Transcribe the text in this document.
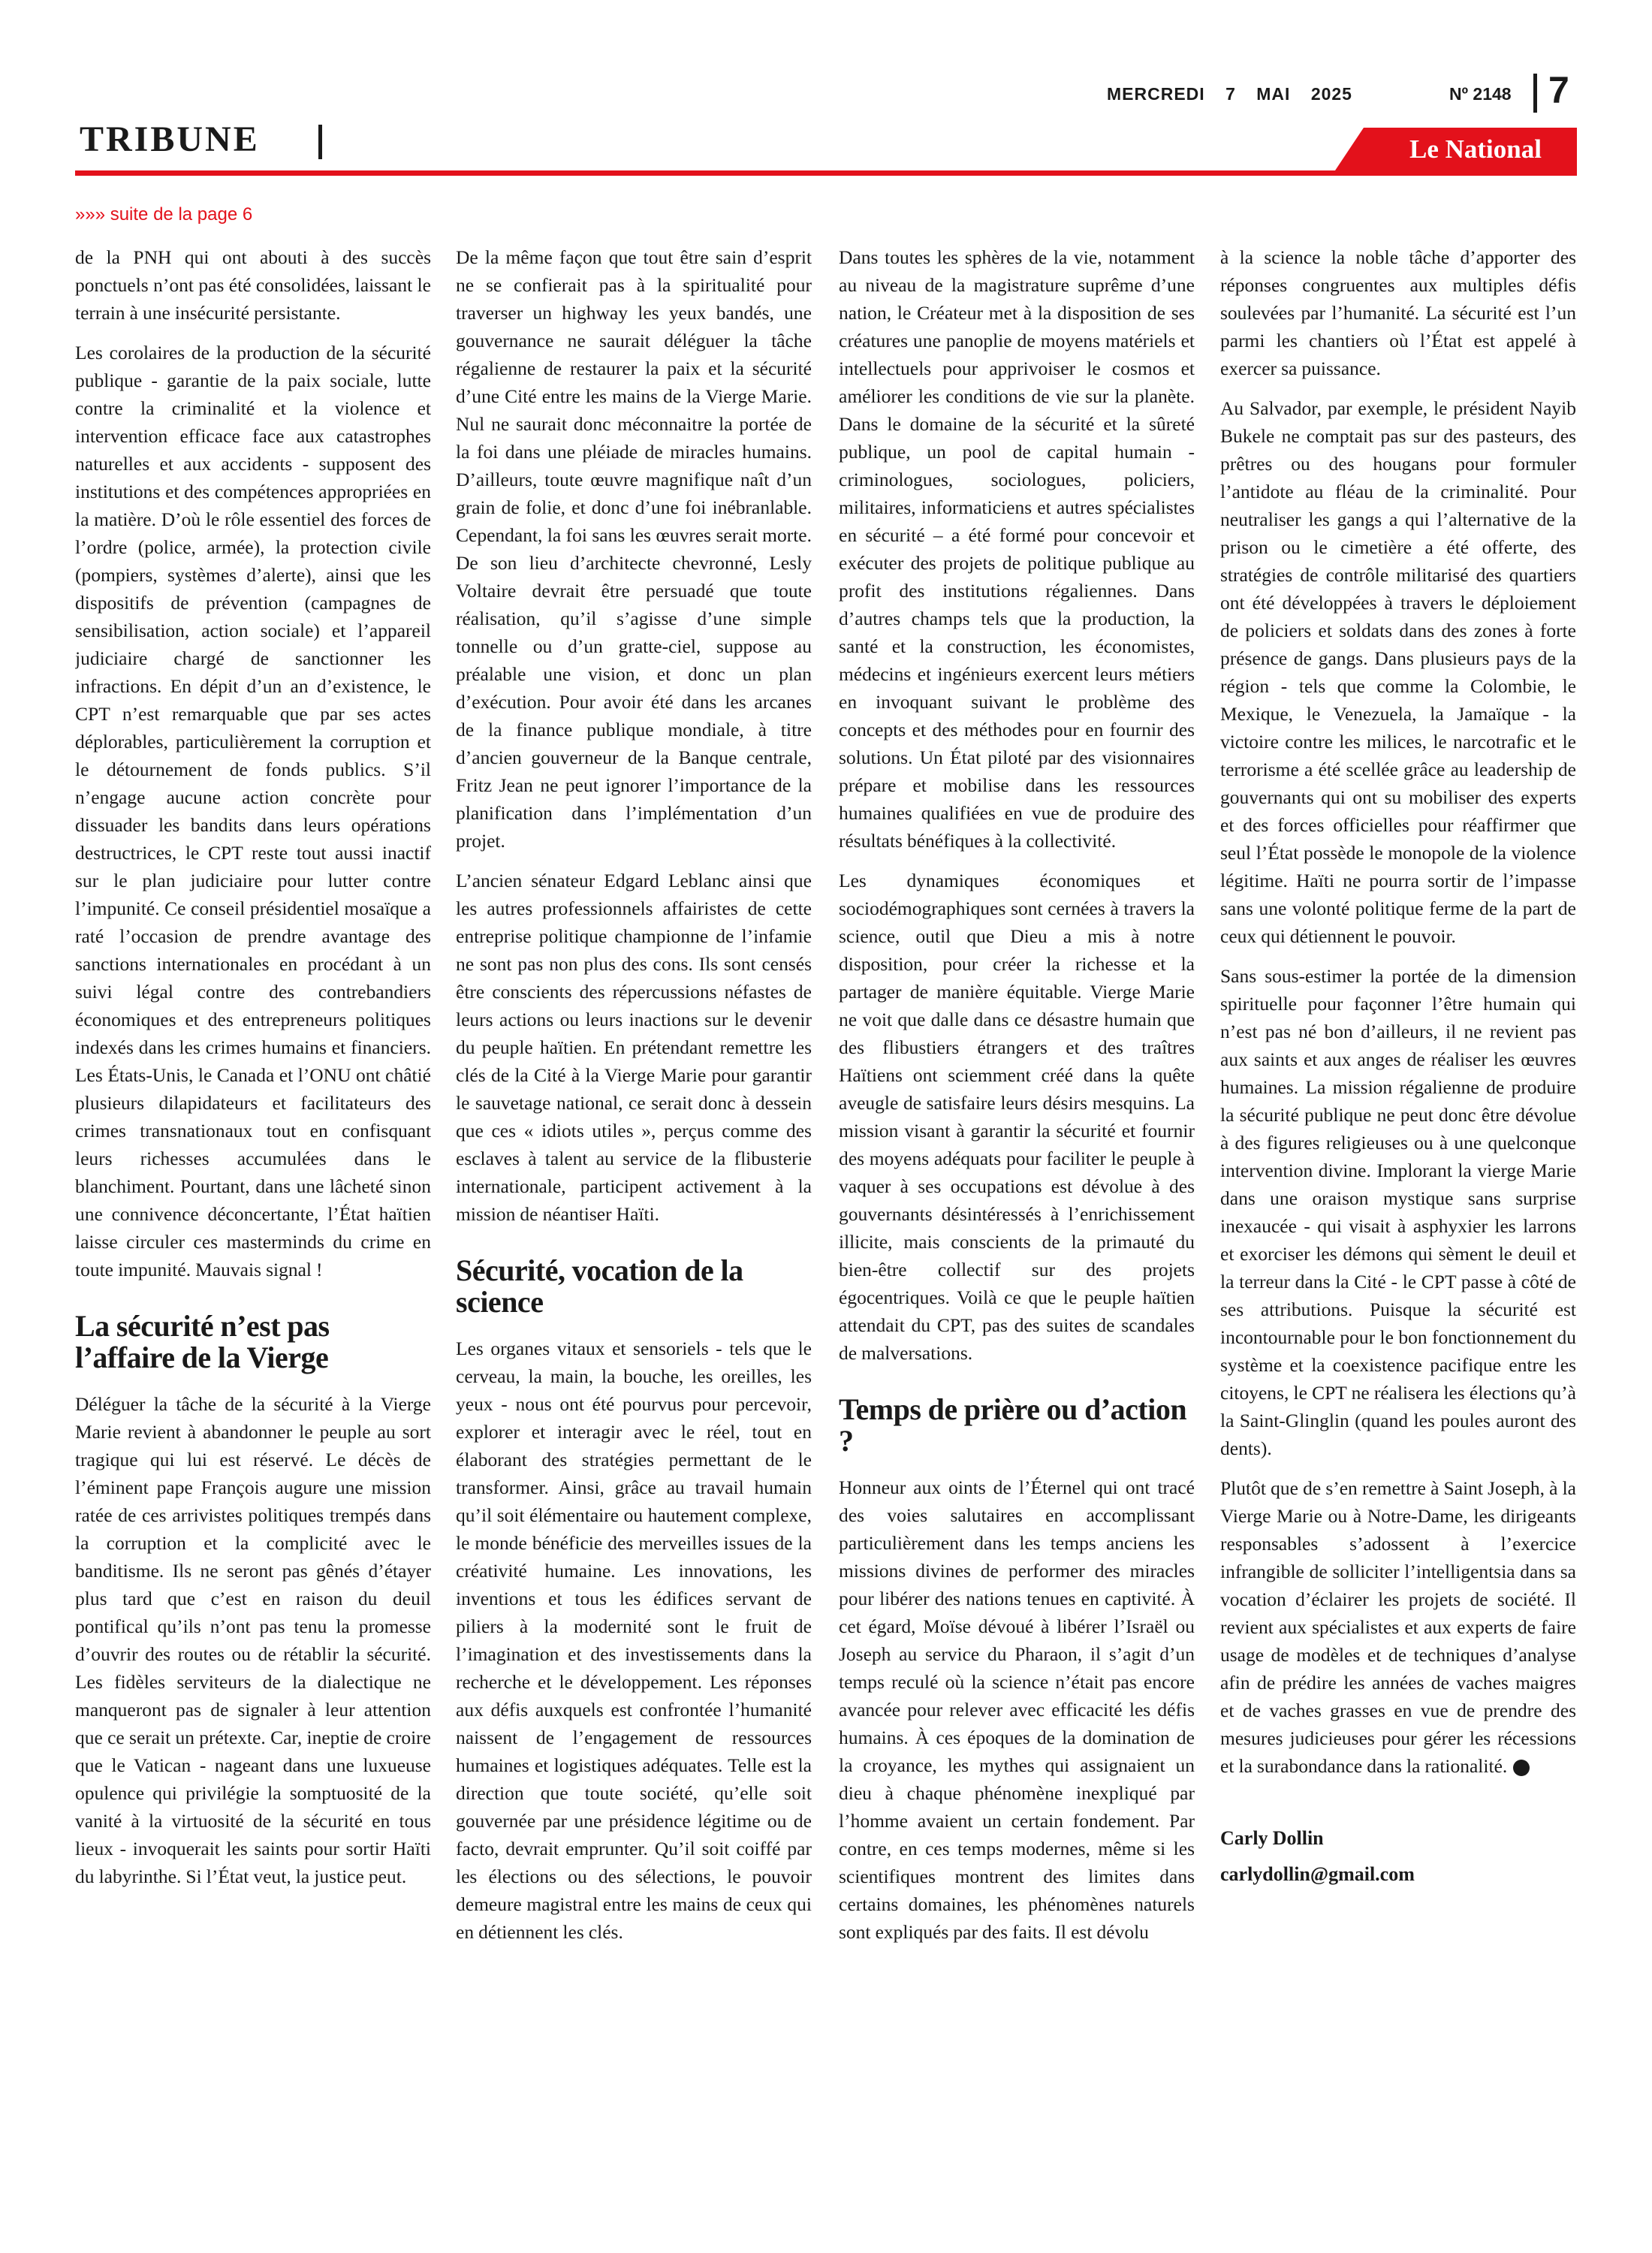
MERCREDI 7 MAI 2025	Nº 2148 7
TRIBUNE	Le National
»»» suite de la page 6

de la PNH qui ont abouti à des succès ponctuels n’ont pas été consolidées, laissant le terrain à une insécurité persistante.

Les corolaires de la production de la sécurité publique - garantie de la paix sociale, lutte contre la criminalité et la violence et intervention efficace face aux catastrophes naturelles et aux accidents - supposent des institutions et des compétences appropriées en la matière. D’où le rôle essentiel des forces de l’ordre (police, armée), la protection civile (pompiers, systèmes d’alerte), ainsi que les dispositifs de prévention (campagnes de sensibilisation, action sociale) et l’appareil judiciaire chargé de sanctionner les infractions. En dépit d’un an d’existence, le CPT n’est remarquable que par ses actes déplorables, particulièrement la corruption et le détournement de fonds publics. S’il n’engage aucune action concrète pour dissuader les bandits dans leurs opérations destructrices, le CPT reste tout aussi inactif sur le plan judiciaire pour lutter contre l’impunité. Ce conseil présidentiel mosaïque a raté l’occasion de prendre avantage des sanctions internationales en procédant à un suivi légal contre des contrebandiers économiques et des entrepreneurs politiques indexés dans les crimes humains et financiers. Les États-Unis, le Canada et l’ONU ont châtié plusieurs dilapidateurs et facilitateurs des crimes transnationaux tout en confisquant leurs richesses accumulées dans le blanchiment. Pourtant, dans une lâcheté sinon une connivence déconcertante, l’État haïtien laisse circuler ces masterminds du crime en toute impunité. Mauvais signal !

La sécurité n’est pas l’affaire de la Vierge

Déléguer la tâche de la sécurité à la Vierge Marie revient à abandonner le peuple au sort tragique qui lui est réservé. Le décès de l’éminent pape François augure une mission ratée de ces arrivistes politiques trempés dans la corruption et la complicité avec le banditisme. Ils ne seront pas gênés d’étayer plus tard que c’est en raison du deuil pontifical qu’ils n’ont pas tenu la promesse d’ouvrir des routes ou de rétablir la sécurité. Les fidèles serviteurs de la dialectique ne manqueront pas de signaler à leur attention que ce serait un prétexte. Car, ineptie de croire que le Vatican - nageant dans une luxueuse opulence qui privilégie la somptuosité de la vanité à la virtuosité de la sécurité en tous lieux - invoquerait les saints pour sortir Haïti du labyrinthe. Si l’État veut, la justice peut.

De la même façon que tout être sain d’esprit ne se confierait pas à la spiritualité pour traverser un highway les yeux bandés, une gouvernance ne saurait déléguer la tâche régalienne de restaurer la paix et la sécurité d’une Cité entre les mains de la Vierge Marie. Nul ne saurait donc méconnaitre la portée de la foi dans une pléiade de miracles humains. D’ailleurs, toute œuvre magnifique naît d’un grain de folie, et donc d’une foi inébranlable. Cependant, la foi sans les œuvres serait morte. De son lieu d’architecte chevronné, Lesly Voltaire devrait être persuadé que toute réalisation, qu’il s’agisse d’une simple tonnelle ou d’un gratte-ciel, suppose au préalable une vision, et donc un plan d’exécution. Pour avoir été dans les arcanes de la finance publique mondiale, à titre d’ancien gouverneur de la Banque centrale, Fritz Jean ne peut ignorer l’importance de la planification dans l’implémentation d’un projet.

L’ancien sénateur Edgard Leblanc ainsi que les autres professionnels affairistes de cette entreprise politique championne de l’infamie ne sont pas non plus des cons. Ils sont censés être conscients des répercussions néfastes de leurs actions ou leurs inactions sur le devenir du peuple haïtien. En prétendant remettre les clés de la Cité à la Vierge Marie pour garantir le sauvetage national, ce serait donc à dessein que ces « idiots utiles », perçus comme des esclaves à talent au service de la flibusterie internationale, participent activement à la mission de néantiser Haïti.

Sécurité, vocation de la science

Les organes vitaux et sensoriels - tels que le cerveau, la main, la bouche, les oreilles, les yeux - nous ont été pourvus pour percevoir, explorer et interagir avec le réel, tout en élaborant des stratégies permettant de le transformer. Ainsi, grâce au travail humain qu’il soit élémentaire ou hautement complexe, le monde bénéficie des merveilles issues de la créativité humaine. Les innovations, les inventions et tous les édifices servant de piliers à la modernité sont le fruit de l’imagination et des investissements dans la recherche et le développement. Les réponses aux défis auxquels est confrontée l’humanité naissent de l’engagement de ressources humaines et logistiques adéquates. Telle est la direction que toute société, qu’elle soit gouvernée par une présidence légitime ou de facto, devrait emprunter. Qu’il soit coiffé par les élections ou des sélections, le pouvoir demeure magistral entre les mains de ceux qui en détiennent les clés.

Dans toutes les sphères de la vie, notamment au niveau de la magistrature suprême d’une nation, le Créateur met à la disposition de ses créatures une panoplie de moyens matériels et intellectuels pour apprivoiser le cosmos et améliorer les conditions de vie sur la planète. Dans le domaine de la sécurité et la sûreté publique, un pool de capital humain - criminologues, sociologues, policiers, militaires, informaticiens et autres spécialistes en sécurité – a été formé pour concevoir et exécuter des projets de politique publique au profit des institutions régaliennes. Dans d’autres champs tels que la production, la santé et la construction, les économistes, médecins et ingénieurs exercent leurs métiers en invoquant suivant le problème des concepts et des méthodes pour en fournir des solutions. Un État piloté par des visionnaires prépare et mobilise dans les ressources humaines qualifiées en vue de produire des résultats bénéfiques à la collectivité.

Les dynamiques économiques et sociodémographiques sont cernées à travers la science, outil que Dieu a mis à notre disposition, pour créer la richesse et la partager de manière équitable. Vierge Marie ne voit que dalle dans ce désastre humain que des flibustiers étrangers et des traîtres Haïtiens ont sciemment créé dans la quête aveugle de satisfaire leurs désirs mesquins. La mission visant à garantir la sécurité et fournir des moyens adéquats pour faciliter le peuple à vaquer à ses occupations est dévolue à des gouvernants désintéressés à l’enrichissement illicite, mais conscients de la primauté du bien-être collectif sur des projets égocentriques. Voilà ce que le peuple haïtien attendait du CPT, pas des suites de scandales de malversations.

Temps de prière ou d’action ?

Honneur aux oints de l’Éternel qui ont tracé des voies salutaires en accomplissant particulièrement dans les temps anciens les missions divines de performer des miracles pour libérer des nations tenues en captivité. À cet égard, Moïse dévoué à libérer l’Israël ou Joseph au service du Pharaon, il s’agit d’un temps reculé où la science n’était pas encore avancée pour relever avec efficacité les défis humains. À ces époques de la domination de la croyance, les mythes qui assignaient un dieu à chaque phénomène inexpliqué par l’homme avaient un certain fondement. Par contre, en ces temps modernes, même si les scientifiques montrent des limites dans certains domaines, les phénomènes naturels sont expliqués par des faits. Il est dévolu

à la science la noble tâche d’apporter des réponses congruentes aux multiples défis soulevées par l’humanité. La sécurité est l’un parmi les chantiers où l’État est appelé à exercer sa puissance.

Au Salvador, par exemple, le président Nayib Bukele ne comptait pas sur des pasteurs, des prêtres ou des hougans pour formuler l’antidote au fléau de la criminalité. Pour neutraliser les gangs a qui l’alternative de la prison ou le cimetière a été offerte, des stratégies de contrôle militarisé des quartiers ont été développées à travers le déploiement de policiers et soldats dans des zones à forte présence de gangs. Dans plusieurs pays de la région - tels que comme la Colombie, le Mexique, le Venezuela, la Jamaïque - la victoire contre les milices, le narcotrafic et le terrorisme a été scellée grâce au leadership de gouvernants qui ont su mobiliser des experts et des forces officielles pour réaffirmer que seul l’État possède le monopole de la violence légitime. Haïti ne pourra sortir de l’impasse sans une volonté politique ferme de la part de ceux qui détiennent le pouvoir.

Sans sous-estimer la portée de la dimension spirituelle pour façonner l’être humain qui n’est pas né bon d’ailleurs, il ne revient pas aux saints et aux anges de réaliser les œuvres humaines. La mission régalienne de produire la sécurité publique ne peut donc être dévolue à des figures religieuses ou à une quelconque intervention divine. Implorant la vierge Marie dans une oraison mystique sans surprise inexaucée - qui visait à asphyxier les larrons et exorciser les démons qui sèment le deuil et la terreur dans la Cité - le CPT passe à côté de ses attributions. Puisque la sécurité est incontournable pour le bon fonctionnement du système et la coexistence pacifique entre les citoyens, le CPT ne réalisera les élections qu’à la Saint-Glinglin (quand les poules auront des dents).

Plutôt que de s’en remettre à Saint Joseph, à la Vierge Marie ou à Notre-Dame, les dirigeants responsables s’adossent à l’exercice infrangible de solliciter l’intelligentsia dans sa vocation d’éclairer les projets de société. Il revient aux spécialistes et aux experts de faire usage de modèles et de techniques d’analyse afin de prédire les années de vaches maigres et de vaches grasses en vue de prendre des mesures judicieuses pour gérer les récessions et la surabondance dans la rationalité.

Carly Dollin
carlydollin@gmail.com
